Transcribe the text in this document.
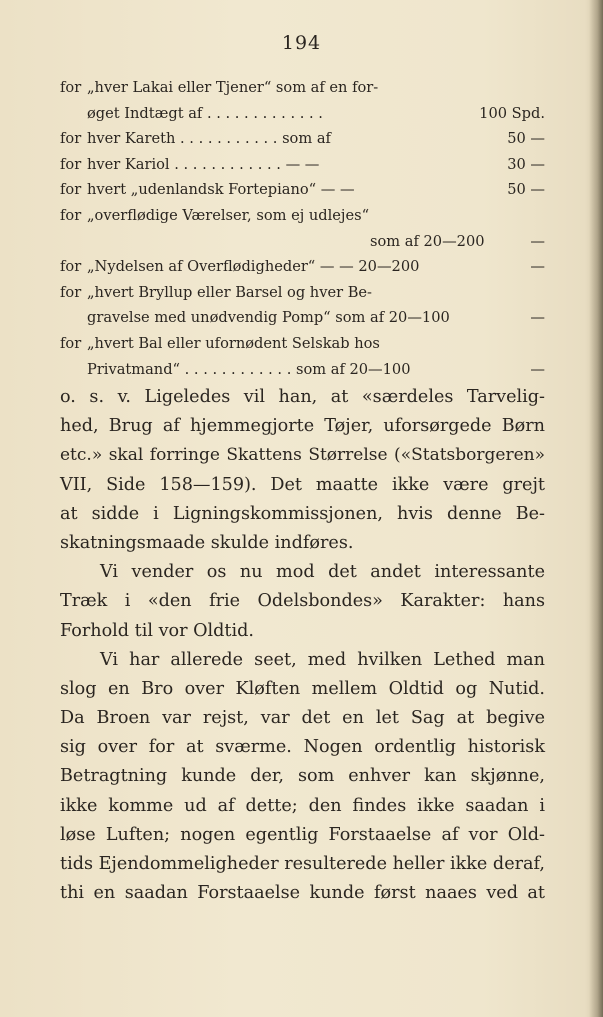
194
for „hver Lakai eller Tjener“ som af en for-
øget Indtægt af . . . . . . . . . . . . .	100 Spd.
for hver Kareth . . . . . . . . . . . som af	50 —
for hver Kariol . . . . . . . . . . . . — —	30 —
for hvert „udenlandsk Fortepiano“ — —	50 —
for „overflødige Værelser, som ej udlejes“
som af 20—200	—
for „Nydelsen af Overflødigheder“ — — 20—200	—
for „hvert Bryllup eller Barsel og hver Be-
gravelse med unødvendig Pomp“ som af 20—100	—
for „hvert Bal eller ufornødent Selskab hos
Privatmand“ . . . . . . . . . . . . som af 20—100	—
o. s. v. Ligeledes vil han, at «særdeles Tarvelig-
hed, Brug af hjemmegjorte Tøjer, uforsørgede Børn
etc.» skal forringe Skattens Størrelse («Statsborgeren»
VII, Side 158—159). Det maatte ikke være grejt
at sidde i Ligningskommissjonen, hvis denne Be-
skatningsmaade skulde indføres.
Vi vender os nu mod det andet interessante
Træk i «den frie Odelsbondes» Karakter: hans
Forhold til vor Oldtid.
Vi har allerede seet, med hvilken Lethed man
slog en Bro over Kløften mellem Oldtid og Nutid.
Da Broen var rejst, var det en let Sag at begive
sig over for at sværme. Nogen ordentlig historisk
Betragtning kunde der, som enhver kan skjønne,
ikke komme ud af dette; den findes ikke saadan i
løse Luften; nogen egentlig Forstaaelse af vor Old-
tids Ejendommeligheder resulterede heller ikke deraf,
thi en saadan Forstaaelse kunde først naaes ved at
